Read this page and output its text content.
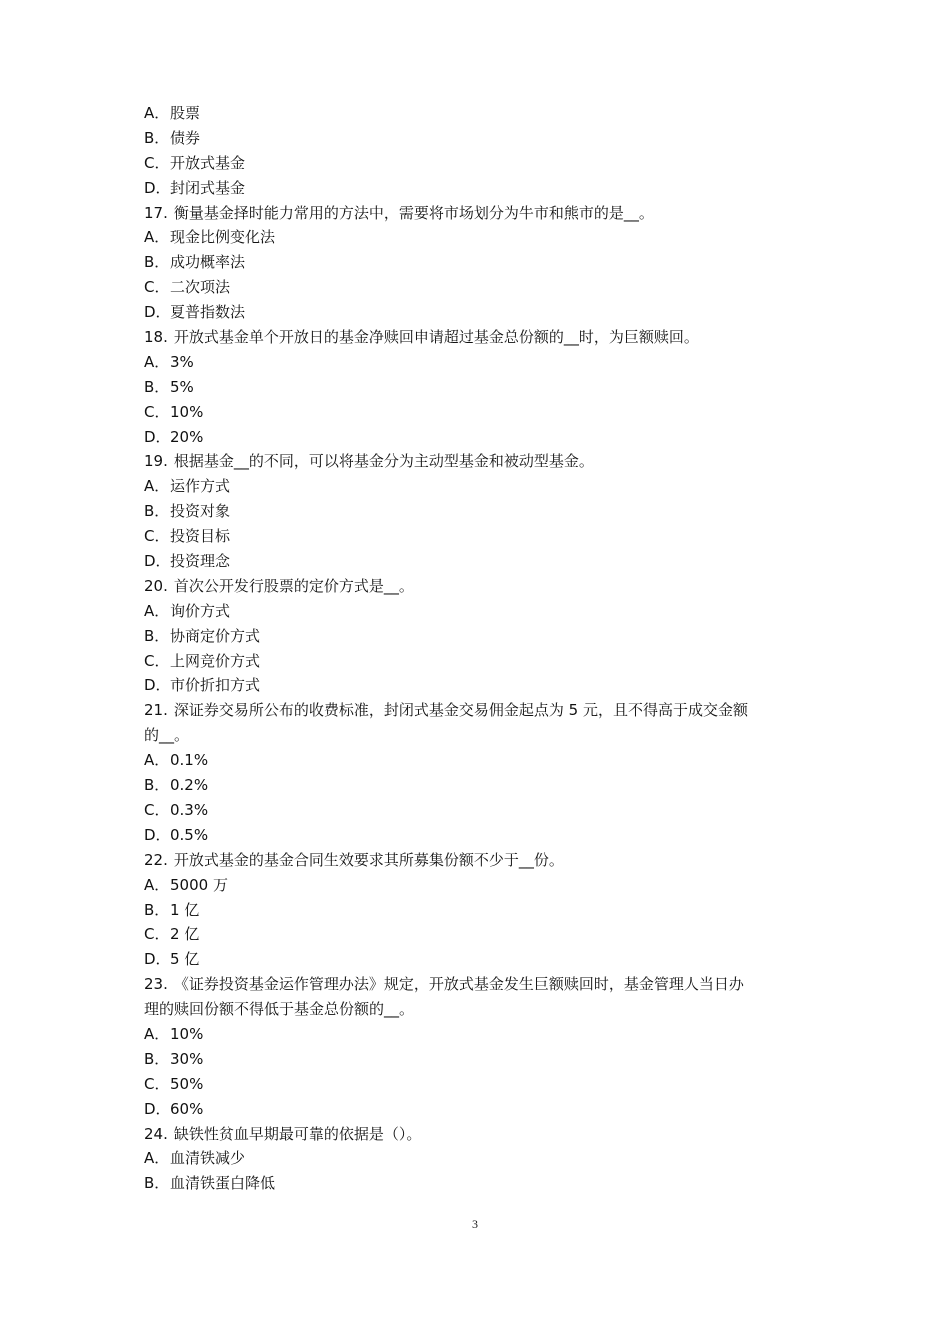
A．股票
B．债券
C．开放式基金
D．封闭式基金
17. 衡量基金择时能力常用的方法中，需要将市场划分为牛市和熊市的是__。
A．现金比例变化法
B．成功概率法
C．二次项法
D．夏普指数法
18. 开放式基金单个开放日的基金净赎回申请超过基金总份额的__时，为巨额赎回。
A．3%
B．5%
C．10%
D．20%
19. 根据基金__的不同，可以将基金分为主动型基金和被动型基金。
A．运作方式
B．投资对象
C．投资目标
D．投资理念
20. 首次公开发行股票的定价方式是__。
A．询价方式
B．协商定价方式
C．上网竞价方式
D．市价折扣方式
21. 深证券交易所公布的收费标准，封闭式基金交易佣金起点为 5 元，且不得高于成交金额
的__。
A．0.1%
B．0.2%
C．0.3%
D．0.5%
22. 开放式基金的基金合同生效要求其所募集份额不少于__份。
A．5000 万
B．1 亿
C．2 亿
D．5 亿
23. 《证券投资基金运作管理办法》规定，开放式基金发生巨额赎回时，基金管理人当日办
理的赎回份额不得低于基金总份额的__。
A．10%
B．30%
C．50%
D．60%
24. 缺铁性贫血早期最可靠的依据是（）。
A．血清铁减少
B．血清铁蛋白降低
3
